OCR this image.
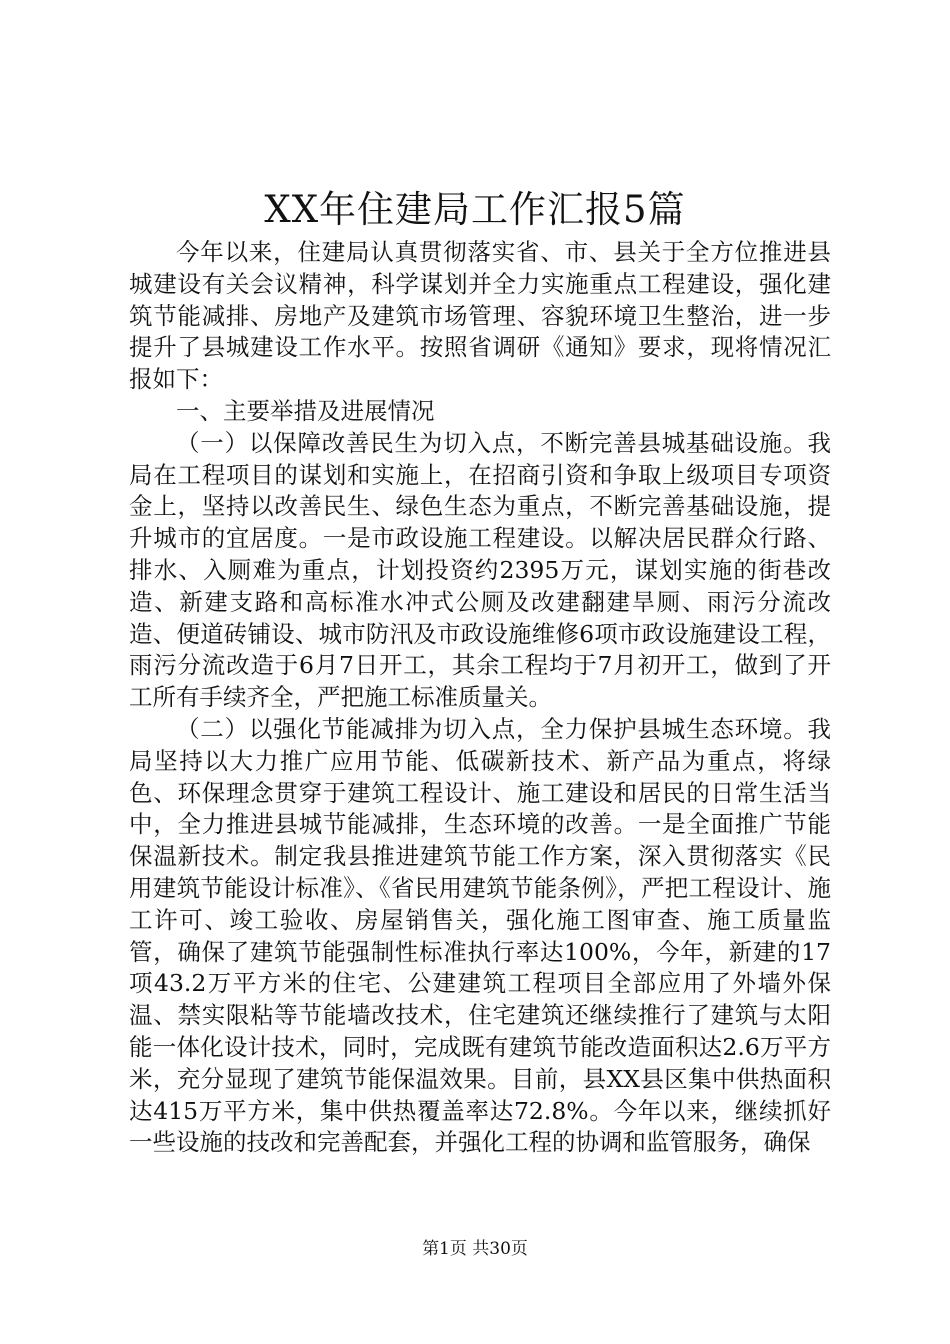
XX年住建局工作汇报5篇

今年以来，住建局认真贯彻落实省、市、县关于全方位推进县城建设有关会议精神，科学谋划并全力实施重点工程建设，强化建筑节能减排、房地产及建筑市场管理、容貌环境卫生整治，进一步提升了县城建设工作水平。按照省调研《通知》要求，现将情况汇报如下：

一、主要举措及进展情况

（一）以保障改善民生为切入点，不断完善县城基础设施。我局在工程项目的谋划和实施上，在招商引资和争取上级项目专项资金上，坚持以改善民生、绿色生态为重点，不断完善基础设施，提升城市的宜居度。一是市政设施工程建设。以解决居民群众行路、排水、入厕难为重点，计划投资约2395万元，谋划实施的街巷改造、新建支路和高标准水冲式公厕及改建翻建旱厕、雨污分流改造、便道砖铺设、城市防汛及市政设施维修6项市政设施建设工程，雨污分流改造于6月7日开工，其余工程均于7月初开工，做到了开工所有手续齐全，严把施工标准质量关。

（二）以强化节能减排为切入点，全力保护县城生态环境。我局坚持以大力推广应用节能、低碳新技术、新产品为重点，将绿色、环保理念贯穿于建筑工程设计、施工建设和居民的日常生活当中，全力推进县城节能减排，生态环境的改善。一是全面推广节能保温新技术。制定我县推进建筑节能工作方案，深入贯彻落实《民用建筑节能设计标准》、《省民用建筑节能条例》，严把工程设计、施工许可、竣工验收、房屋销售关，强化施工图审查、施工质量监管，确保了建筑节能强制性标准执行率达100%，今年，新建的17项43.2万平方米的住宅、公建建筑工程项目全部应用了外墙外保温、禁实限粘等节能墙改技术，住宅建筑还继续推行了建筑与太阳能一体化设计技术，同时，完成既有建筑节能改造面积达2.6万平方米，充分显现了建筑节能保温效果。目前，县XX县区集中供热面积达415万平方米，集中供热覆盖率达72.8%。今年以来，继续抓好一些设施的技改和完善配套，并强化工程的协调和监管服务，确保

第1页 共30页
